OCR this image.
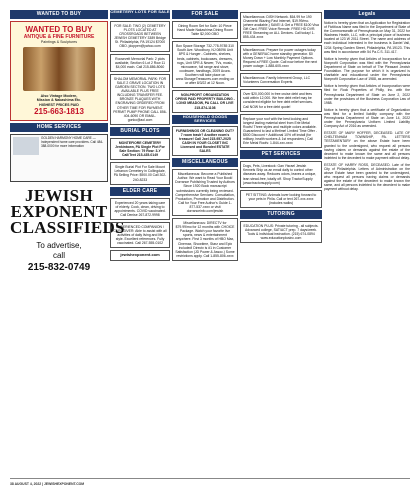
WANTED TO BUY
WANTED TO BUY
ANTIQUE & FINE FURNITURE
Paintings & Sculptures
Also Vintage Modern,
Mission & Nakashima Etc.
HIGHEST PRICES PAID
215-663-1813
HOME SERVICES

GOLDEN HARMONY HOME CARE — Independent home care providers. Call 484-388-0000 for more information

JEWISH
EXPONENT
CLASSIFIEDS
To advertise,
call
215-832-0749
CEMETERY LOTS FOR SALE
FOR SALE: TWO (2) CEMETERY PLOTS LOCATED AT CROSSROADS BETWEEN JEWISH CEMETERY 3389 Bridge St. Philadelphia, PA 19124 $7000 OBO. jdoppen@yahoo.com
Roosevelt Memorial Park: 2 plots available, Section 6 Lot 2 Row 11 $4,000 each. Call 215-886-8060
SHALOM MEMORIAL PARK: FOR SALE 2 GRAVE LOCATION IN GARDEN SECTION. TWO LOTS AVAILABLE PLUS FREE INCLUDING TRANSFER FEE. BRONZE PLAQUES WITH ENGRAVING ORDERED FROM OTHER TIME FOR PAYMENT. PERMIT PUMP PHONE CALL 856-404-6090 OR EMAIL. gonko@aol.com
BURIAL PLOTS
MONTEFIORE CEMETERY Jenkintown, PA Single Plot For Sale Section: 79 Row: 3-Y Call/Text 215-435-0149
Single Burial Plot For Sale Mount Lebanon Cemetery in Collingdale, PA Selling Price: $900.00 Call 302-240-8233
ELDER CARE
Experienced 20 years taking care of elderly. Cook, clean, driving to appointments. COVID vaccinated. Call Denise 267-872-9998
EXPERIENCED COMPANION / CAREGIVER: Able to assist with all activities of daily living and life style. Excellent references. Fully vaccinated. Call 267-555-0102
jewishexponent.com
FOR SALE
Dining Room Set for Sale: 10 Piece Hand Made Nakashima Dining Room Table $2,000 OBO
Box Space Storage 732-778-9785 310 South Ave. Woodbury, NJ 08096 Unit 8PS & Hunger - Cabinets, shelves, beds, cabinets, bookcases, dressers, rugs, Unit SPR & Newer, TVs, music, microwave, full range and stove, cookware, handbags, 2009 Acura. Southern will take place on www.StorageTreasures.com ending on or after 8/3/22 at 12 Noon.
NON-PROFIT ORGANIZATION OPENS PAID PROPERTY BUILDING - LONG MEADOW, PA CALL OR LIVE 215-874-1108
HOUSEHOLD GOODS SERVICES
FURNISHINGS OR CLEANING OUT? 7 room trash? Another room's treasure! Call Joel 215-957-2025 CASH IN YOUR CLOSET INC Licensed and Bonded ESTATE SALES
MISCELLANEOUS
Miscellaneous: Become a Published Author. We want to Read Your Book! Dorrance Publishing Trusted by Authors Since 1920 Book manuscript submissions currently being reviewed. Comprehensive Services: Consultation, Production, Promotion and Distribution. Call for Your Free Author's Guide 1-877-537-xxxx or visit dorranceinfo.com/jewish
Miscellaneous: DIRECTV for $79.99/mo for 12 months with CHOICE Package. Watch your favorite live sports, news & entertainment anywhere. First 3 months of HBO Max, Cinemax, Showtime, Starz and Epix included! Directv is #1 in Customer Satisfaction (JD Power & Assoc.) Some restrictions apply. Call 1-855-806-xxxx
Miscellaneous: DISH Network. $64.99 for 190 Channels! Blazing Fast Internet, $19.99/mo. (where available.) SAVE! & Get a FREE $100 Visa Gift Card. FREE Voice Remote. FREE HD DVR. FREE Streaming on ALL Devices. Call today! 1-855-434-xxxx
Miscellaneous: Prepare for power outages today with a GENERAC home standby generator. $0 Money Down + Low Monthly Payment Options. Request a FREE Quote. Call now before the next power outage: 1-888-605-xxxx
Miscellaneous: Family Interment Group, LLC Volunteers Conversation Experts
Over $20,000,000 in free cruise debt and fees sold within 12,000. We free debt relief may be considered eligible for free debt relief services. Call NOW for a free debt quote!
Replace your roof with the best looking and longest lasting material steel from Erie Metal Roofs! Three styles and multiple colors available. Guaranteed to last a lifetime! Limited Time Offer - $500 Discount + Additional 10% off install (for military, health workers & 1st responders.) Call Erie Metal Roofs: 1-844-xxx-xxxx
PET SERVICES
Dogs, Pets, Livestock: Gan Yisrael Jewish Kennels Ship us an email daily to control other diseases away. Reduces odors, leaves a unique, lean stead-free, totally off. Shop TractorSupply (www.tractorsupply.com)
PET SITTING: Animals lover looking forward to your pets in Phila. Call or text 267-xxx-xxxx (includes walks)
TUTORING
EDUCATION PLUS: Private tutoring - all subjects. Advanced college, SAT/ACT prep. 7 days/week. Tools & individual instruction. (215) 674-0894 www.educationplusinc.com
Legals

Notice is hereby given that an Application for Registration of Fictitious Name was filed in the Department of State of the Commonwealth of Pennsylvania on May 31, 2022 for Wadness Health, LLC, with a principal place of business located at 123 W 2011 Street. The name and address of each individual interested in the business is Daniel Vail, 1234 Spring Garden Street, Philadelphia, PA 19123. This was filed in accordance with 54 Pa.C.S. 311.417.

Notice is hereby given that Articles of Incorporation for a Nonprofit Corporation was filed with the Pennsylvania Department of State on behalf of The Pleasant Jewish Foundation. The purpose for which it is organized is charitable and educational under the Pennsylvania Nonprofit Corporation Law of 1988, as amended.

Notice is hereby given that Articles of Incorporation were filed for Rock Properties of Philly, Inc. with the Pennsylvania Department of State on June 2, 2022 under the provisions of the Business Corporation Law of 1988.

Notice is hereby given that a certificate of Organization was filed for a limited liability company with the Pennsylvania Department of State on June 14, 2022 under the Pennsylvania Uniform Limited Liability Company Act of 2016 as amended.

ESTATE OF MARY HOFFER, DECEASED. LATE OF CHELTENHAM TOWNSHIP, PA. LETTERS TESTAMENTARY on the above Estate have been granted to the undersigned, who request all persons having claims or demands against the estate of the decedent to make known the same and all persons indebted to the decedent to make payment without delay.

ESTATE OF HARRY ROSS, DECEASED. Late of the City of Philadelphia. Letters of Administration on the above Estate have been granted to the undersigned, who request all persons having claims or demands against the estate of the decedent to make known the same, and all persons indebted to the decedent to make payment without delay.

38 AUGUST 4, 2022 | JEWISHEXPONENT.COM
